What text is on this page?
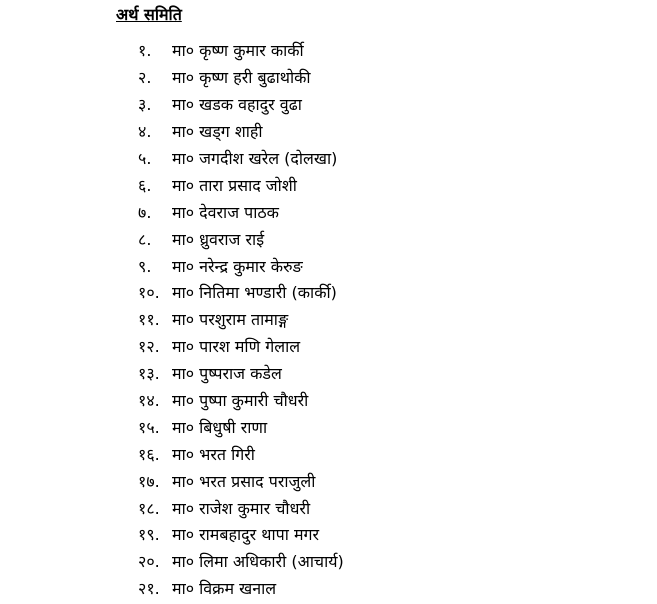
अर्थ समिति
१.	मा० कृष्ण कुमार कार्की
२.	मा० कृष्ण हरी बुढाथोकी
३.	मा० खडक वहादुर वुढा
४.	मा० खड्ग शाही
५.	मा० जगदीश खरेल (दोलखा)
६.	मा० तारा प्रसाद जोशी
७.	मा० देवराज पाठक
८.	मा० ध्रुवराज राई
९.	मा० नरेन्द्र कुमार केरुङ
१०. मा० नितिमा भण्डारी (कार्की)
११. मा० परशुराम तामाङ्ग
१२. मा० पारश मणि गेलाल
१३. मा० पुष्पराज कडेल
१४. मा० पुष्पा कुमारी चौधरी
१५. मा० बिधुषी राणा
१६. मा० भरत गिरी
१७. मा० भरत प्रसाद पराजुली
१८. मा० राजेश कुमार चौधरी
१९. मा० रामबहादुर थापा मगर
२०. मा० लिमा अधिकारी (आचार्य)
२१. मा० विक्रम खनाल
